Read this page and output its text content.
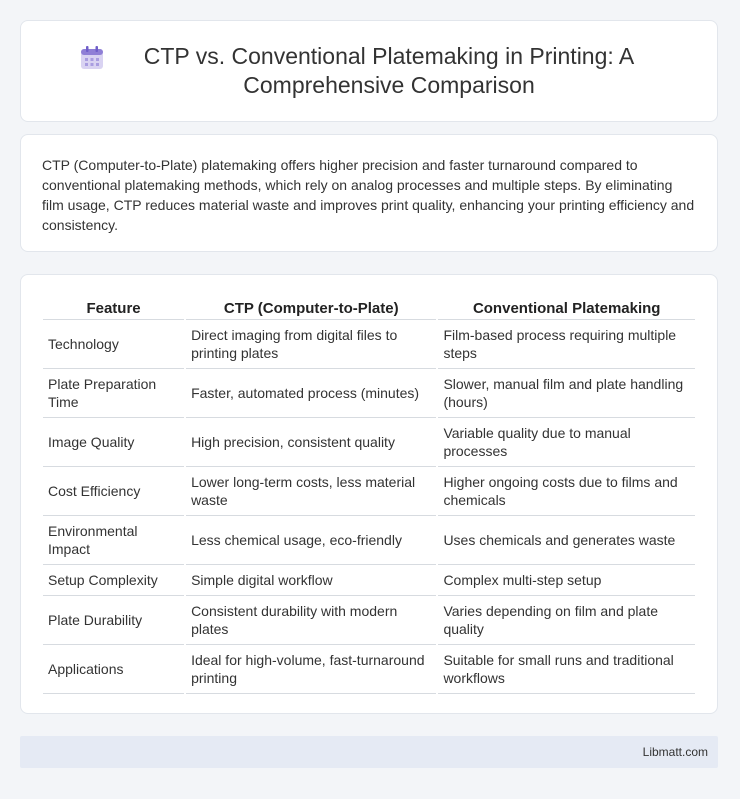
CTP vs. Conventional Platemaking in Printing: A Comprehensive Comparison

CTP (Computer-to-Plate) platemaking offers higher precision and faster turnaround compared to conventional platemaking methods, which rely on analog processes and multiple steps. By eliminating film usage, CTP reduces material waste and improves print quality, enhancing your printing efficiency and consistency.

Feature	CTP (Computer-to-Plate)	Conventional Platemaking
Technology	Direct imaging from digital files to printing plates	Film-based process requiring multiple steps
Plate Preparation Time	Faster, automated process (minutes)	Slower, manual film and plate handling (hours)
Image Quality	High precision, consistent quality	Variable quality due to manual processes
Cost Efficiency	Lower long-term costs, less material waste	Higher ongoing costs due to films and chemicals
Environmental Impact	Less chemical usage, eco-friendly	Uses chemicals and generates waste
Setup Complexity	Simple digital workflow	Complex multi-step setup
Plate Durability	Consistent durability with modern plates	Varies depending on film and plate quality
Applications	Ideal for high-volume, fast-turnaround printing	Suitable for small runs and traditional workflows
Libmatt.com
